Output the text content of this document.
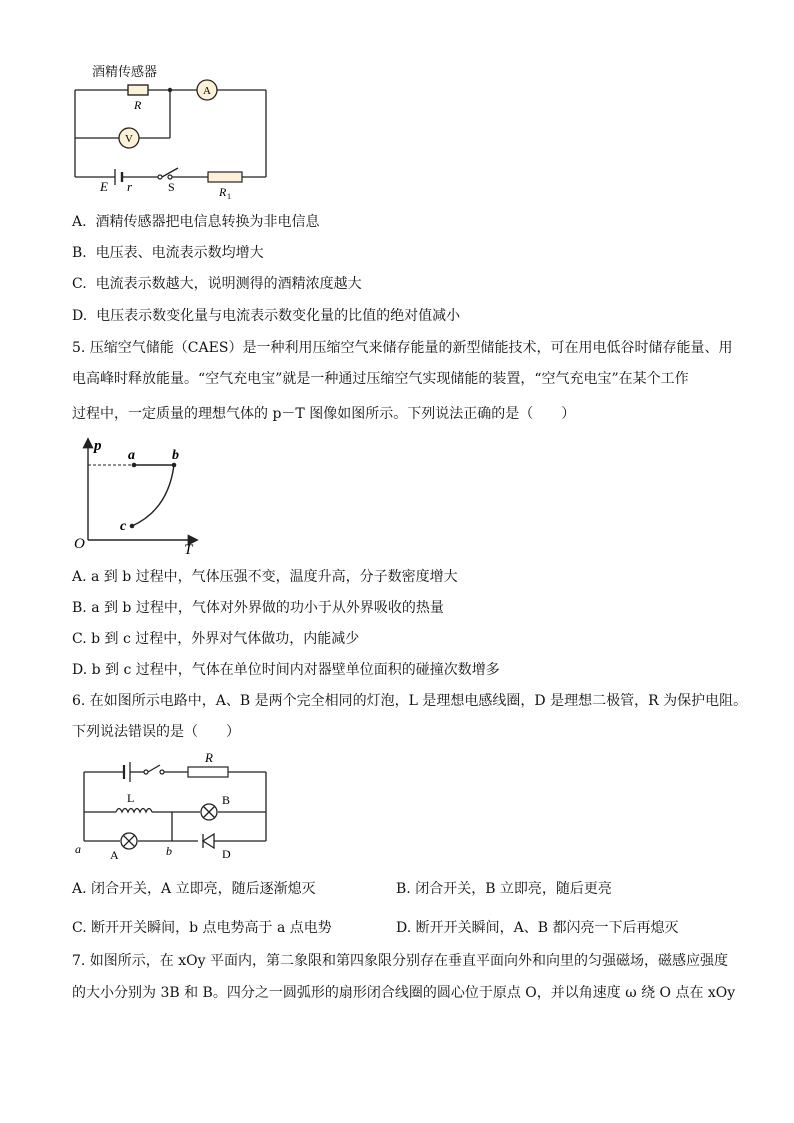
酒精传感器
R
A
V
E r	S	R 1
A. 酒精传感器把电信息转换为非电信息
B. 电压表、电流表示数均增大
C. 电流表示数越大，说明测得的酒精浓度越大
D. 电压表示数变化量与电流表示数变化量的比值的绝对值减小
5. 压缩空气储能（CAES）是一种利用压缩空气来储存能量的新型储能技术，可在用电低谷时储存能量、用
电高峰时释放能量。“空气充电宝”就是一种通过压缩空气实现储能的装置，“空气充电宝”在某个工作
过程中，一定质量的理想气体的 p－T 图像如图所示。下列说法正确的是（　　）
p
T
O
a	b
c
A. a 到 b 过程中，气体压强不变，温度升高，分子数密度增大
B. a 到 b 过程中，气体对外界做的功小于从外界吸收的热量
C. b 到 c 过程中，外界对气体做功，内能减少
D. b 到 c 过程中，气体在单位时间内对器壁单位面积的碰撞次数增多
6. 在如图所示电路中，A、B 是两个完全相同的灯泡，L 是理想电感线圈，D 是理想二极管，R 为保护电阻。
下列说法错误的是（　　）
R
L	B
A	D
a	b
A. 闭合开关，A 立即亮，随后逐渐熄灭	B. 闭合开关，B 立即亮，随后更亮
C. 断开开关瞬间，b 点电势高于 a 点电势	D. 断开开关瞬间，A、B 都闪亮一下后再熄灭
7. 如图所示，在 xOy 平面内，第二象限和第四象限分别存在垂直平面向外和向里的匀强磁场，磁感应强度
的大小分别为 3B 和 B。四分之一圆弧形的扇形闭合线圈的圆心位于原点 O，并以角速度 ω 绕 O 点在 xOy
